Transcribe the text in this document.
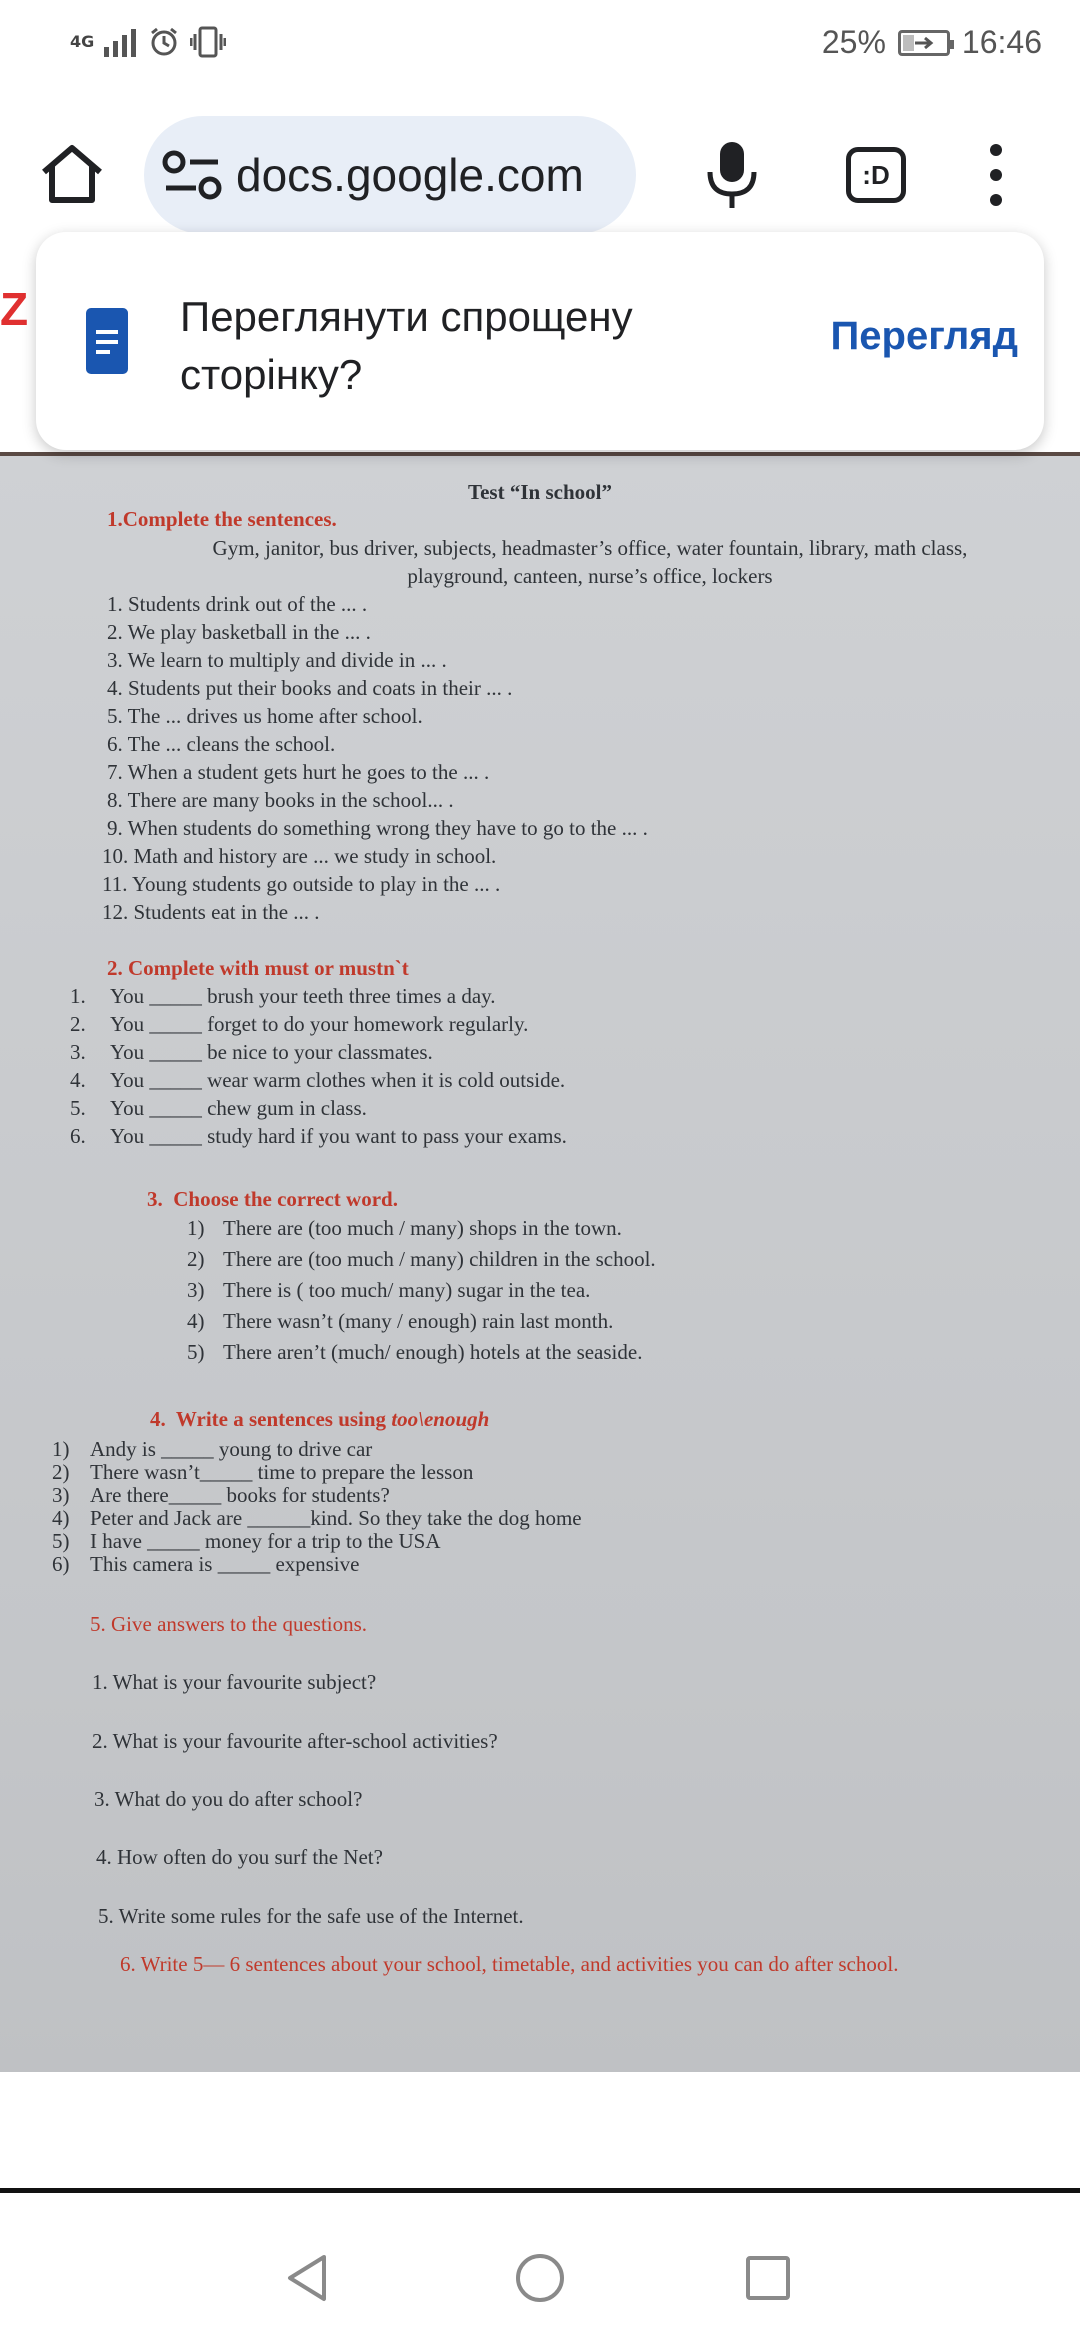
4G	25% 16:46
docs.google.com	:D
Z
Test “In school”
1.Complete the sentences.
Gym, janitor, bus driver, subjects, headmaster’s office, water fountain, library, math class,
playground, canteen, nurse’s office, lockers
1. Students drink out of the ... .
2. We play basketball in the ... .
3. We learn to multiply and divide in ... .
4. Students put their books and coats in their ... .
5. The ... drives us home after school.
6. The ... cleans the school.
7. When a student gets hurt he goes to the ... .
8. There are many books in the school... .
9. When students do something wrong they have to go to the ... .
10. Math and history are ... we study in school.
11. Young students go outside to play in the ... .
12. Students eat in the ... .
2. Complete with must or mustn`t
1. You _____ brush your teeth three times a day.
2. You _____ forget to do your homework regularly.
3. You _____ be nice to your classmates.
4. You _____ wear warm clothes when it is cold outside.
5. You _____ chew gum in class.
6. You _____ study hard if you want to pass your exams.
3. Choose the correct word.
1) There are (too much / many) shops in the town.
2) There are (too much / many) children in the school.
3) There is ( too much/ many) sugar in the tea.
4) There wasn’t (many / enough) rain last month.
5) There aren’t (much/ enough) hotels at the seaside.
4. Write a sentences using too\enough
1) Andy is _____ young to drive car
2) There wasn’t_____ time to prepare the lesson
3) Are there_____ books for students?
4) Peter and Jack are ______kind. So they take the dog home
5) I have _____ money for a trip to the USA
6) This camera is _____ expensive
5. Give answers to the questions.
1. What is your favourite subject?
2. What is your favourite after-school activities?
3. What do you do after school?
4. How often do you surf the Net?
5. Write some rules for the safe use of the Internet.
6. Write 5— 6 sentences about your school, timetable, and activities you can do after school.
Переглянути спрощену сторінку?
Перегляд
